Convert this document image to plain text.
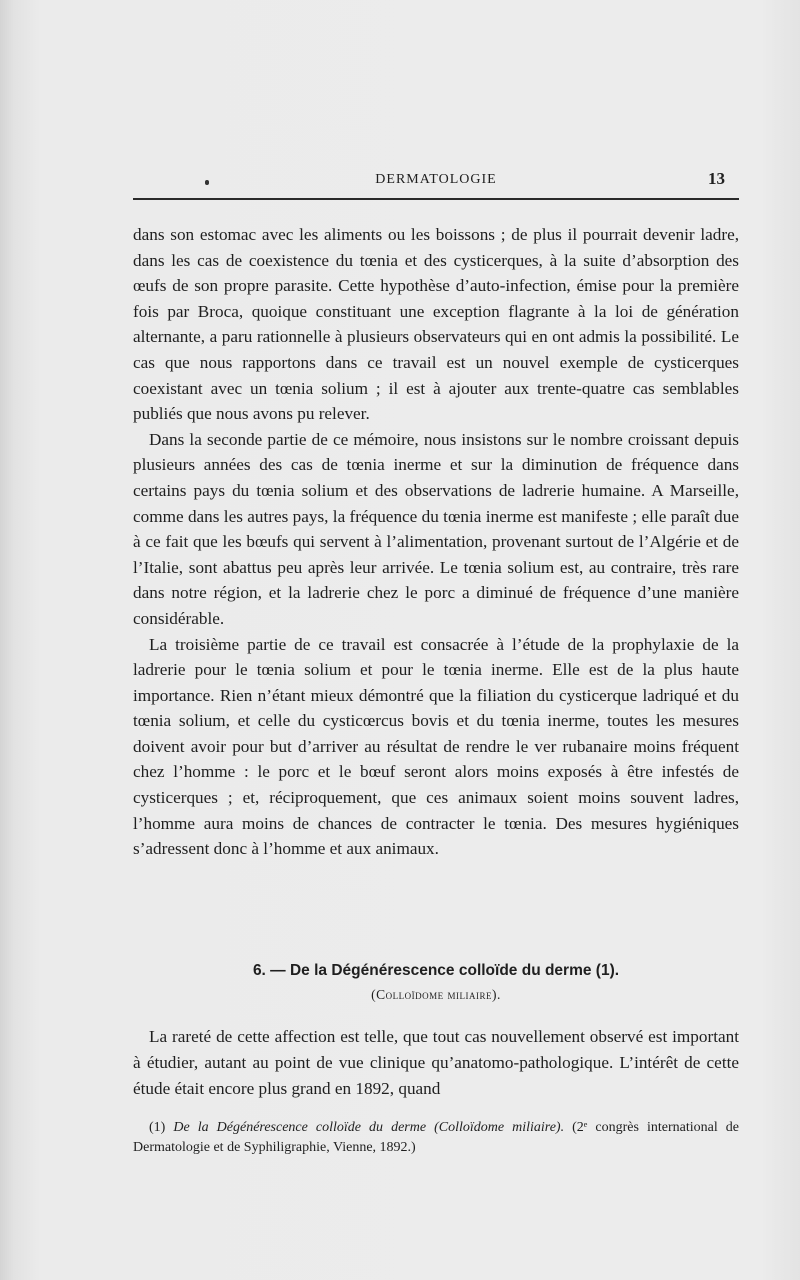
DERMATOLOGIE	13

dans son estomac avec les aliments ou les boissons ; de plus il pourrait devenir ladre, dans les cas de coexistence du tœnia et des cysticerques, à la suite d’absorption des œufs de son propre parasite. Cette hypothèse d’auto-infection, émise pour la première fois par Broca, quoique constituant une exception flagrante à la loi de génération alternante, a paru rationnelle à plusieurs observateurs qui en ont admis la possibilité. Le cas que nous rapportons dans ce travail est un nouvel exemple de cysticerques coexistant avec un tœnia solium ; il est à ajouter aux trente-quatre cas semblables publiés que nous avons pu relever.

Dans la seconde partie de ce mémoire, nous insistons sur le nombre croissant depuis plusieurs années des cas de tœnia inerme et sur la diminution de fréquence dans certains pays du tœnia solium et des observations de ladrerie humaine. A Marseille, comme dans les autres pays, la fréquence du tœnia inerme est manifeste ; elle paraît due à ce fait que les bœufs qui servent à l’alimentation, provenant surtout de l’Algérie et de l’Italie, sont abattus peu après leur arrivée. Le tœnia solium est, au contraire, très rare dans notre région, et la ladrerie chez le porc a diminué de fréquence d’une manière considérable.

La troisième partie de ce travail est consacrée à l’étude de la prophylaxie de la ladrerie pour le tœnia solium et pour le tœnia inerme. Elle est de la plus haute importance. Rien n’étant mieux démontré que la filiation du cysticerque ladriqué et du tœnia solium, et celle du cysticœrcus bovis et du tœnia inerme, toutes les mesures doivent avoir pour but d’arriver au résultat de rendre le ver rubanaire moins fréquent chez l’homme : le porc et le bœuf seront alors moins exposés à être infestés de cysticerques ; et, réciproquement, que ces animaux soient moins souvent ladres, l’homme aura moins de chances de contracter le tœnia. Des mesures hygiéniques s’adressent donc à l’homme et aux animaux.

6. — De la Dégénérescence colloïde du derme (1).
(Colloïdome miliaire).

La rareté de cette affection est telle, que tout cas nouvellement observé est important à étudier, autant au point de vue clinique qu’anatomo-pathologique. L’intérêt de cette étude était encore plus grand en 1892, quand

(1) De la Dégénérescence colloïde du derme (Colloïdome miliaire). (2ᵉ congrès international de Dermatologie et de Syphiligraphie, Vienne, 1892.)
